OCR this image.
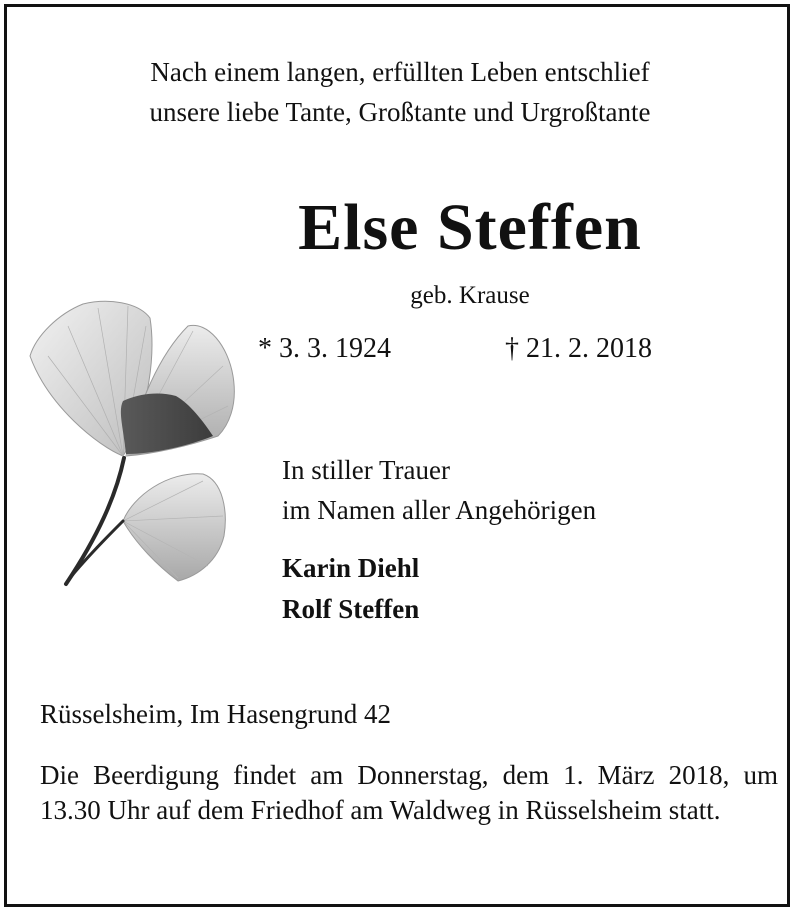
Nach einem langen, erfüllten Leben entschlief
unsere liebe Tante, Großtante und Urgroßtante
Else Steffen
geb. Krause
* 3. 3. 1924	† 21. 2. 2018
In stiller Trauer
im Namen aller Angehörigen
Karin Diehl
Rolf Steffen
Rüsselsheim, Im Hasengrund 42
Die Beerdigung findet am Donnerstag, dem 1. März 2018, um 13.30 Uhr auf dem Friedhof am Waldweg in Rüsselsheim statt.
